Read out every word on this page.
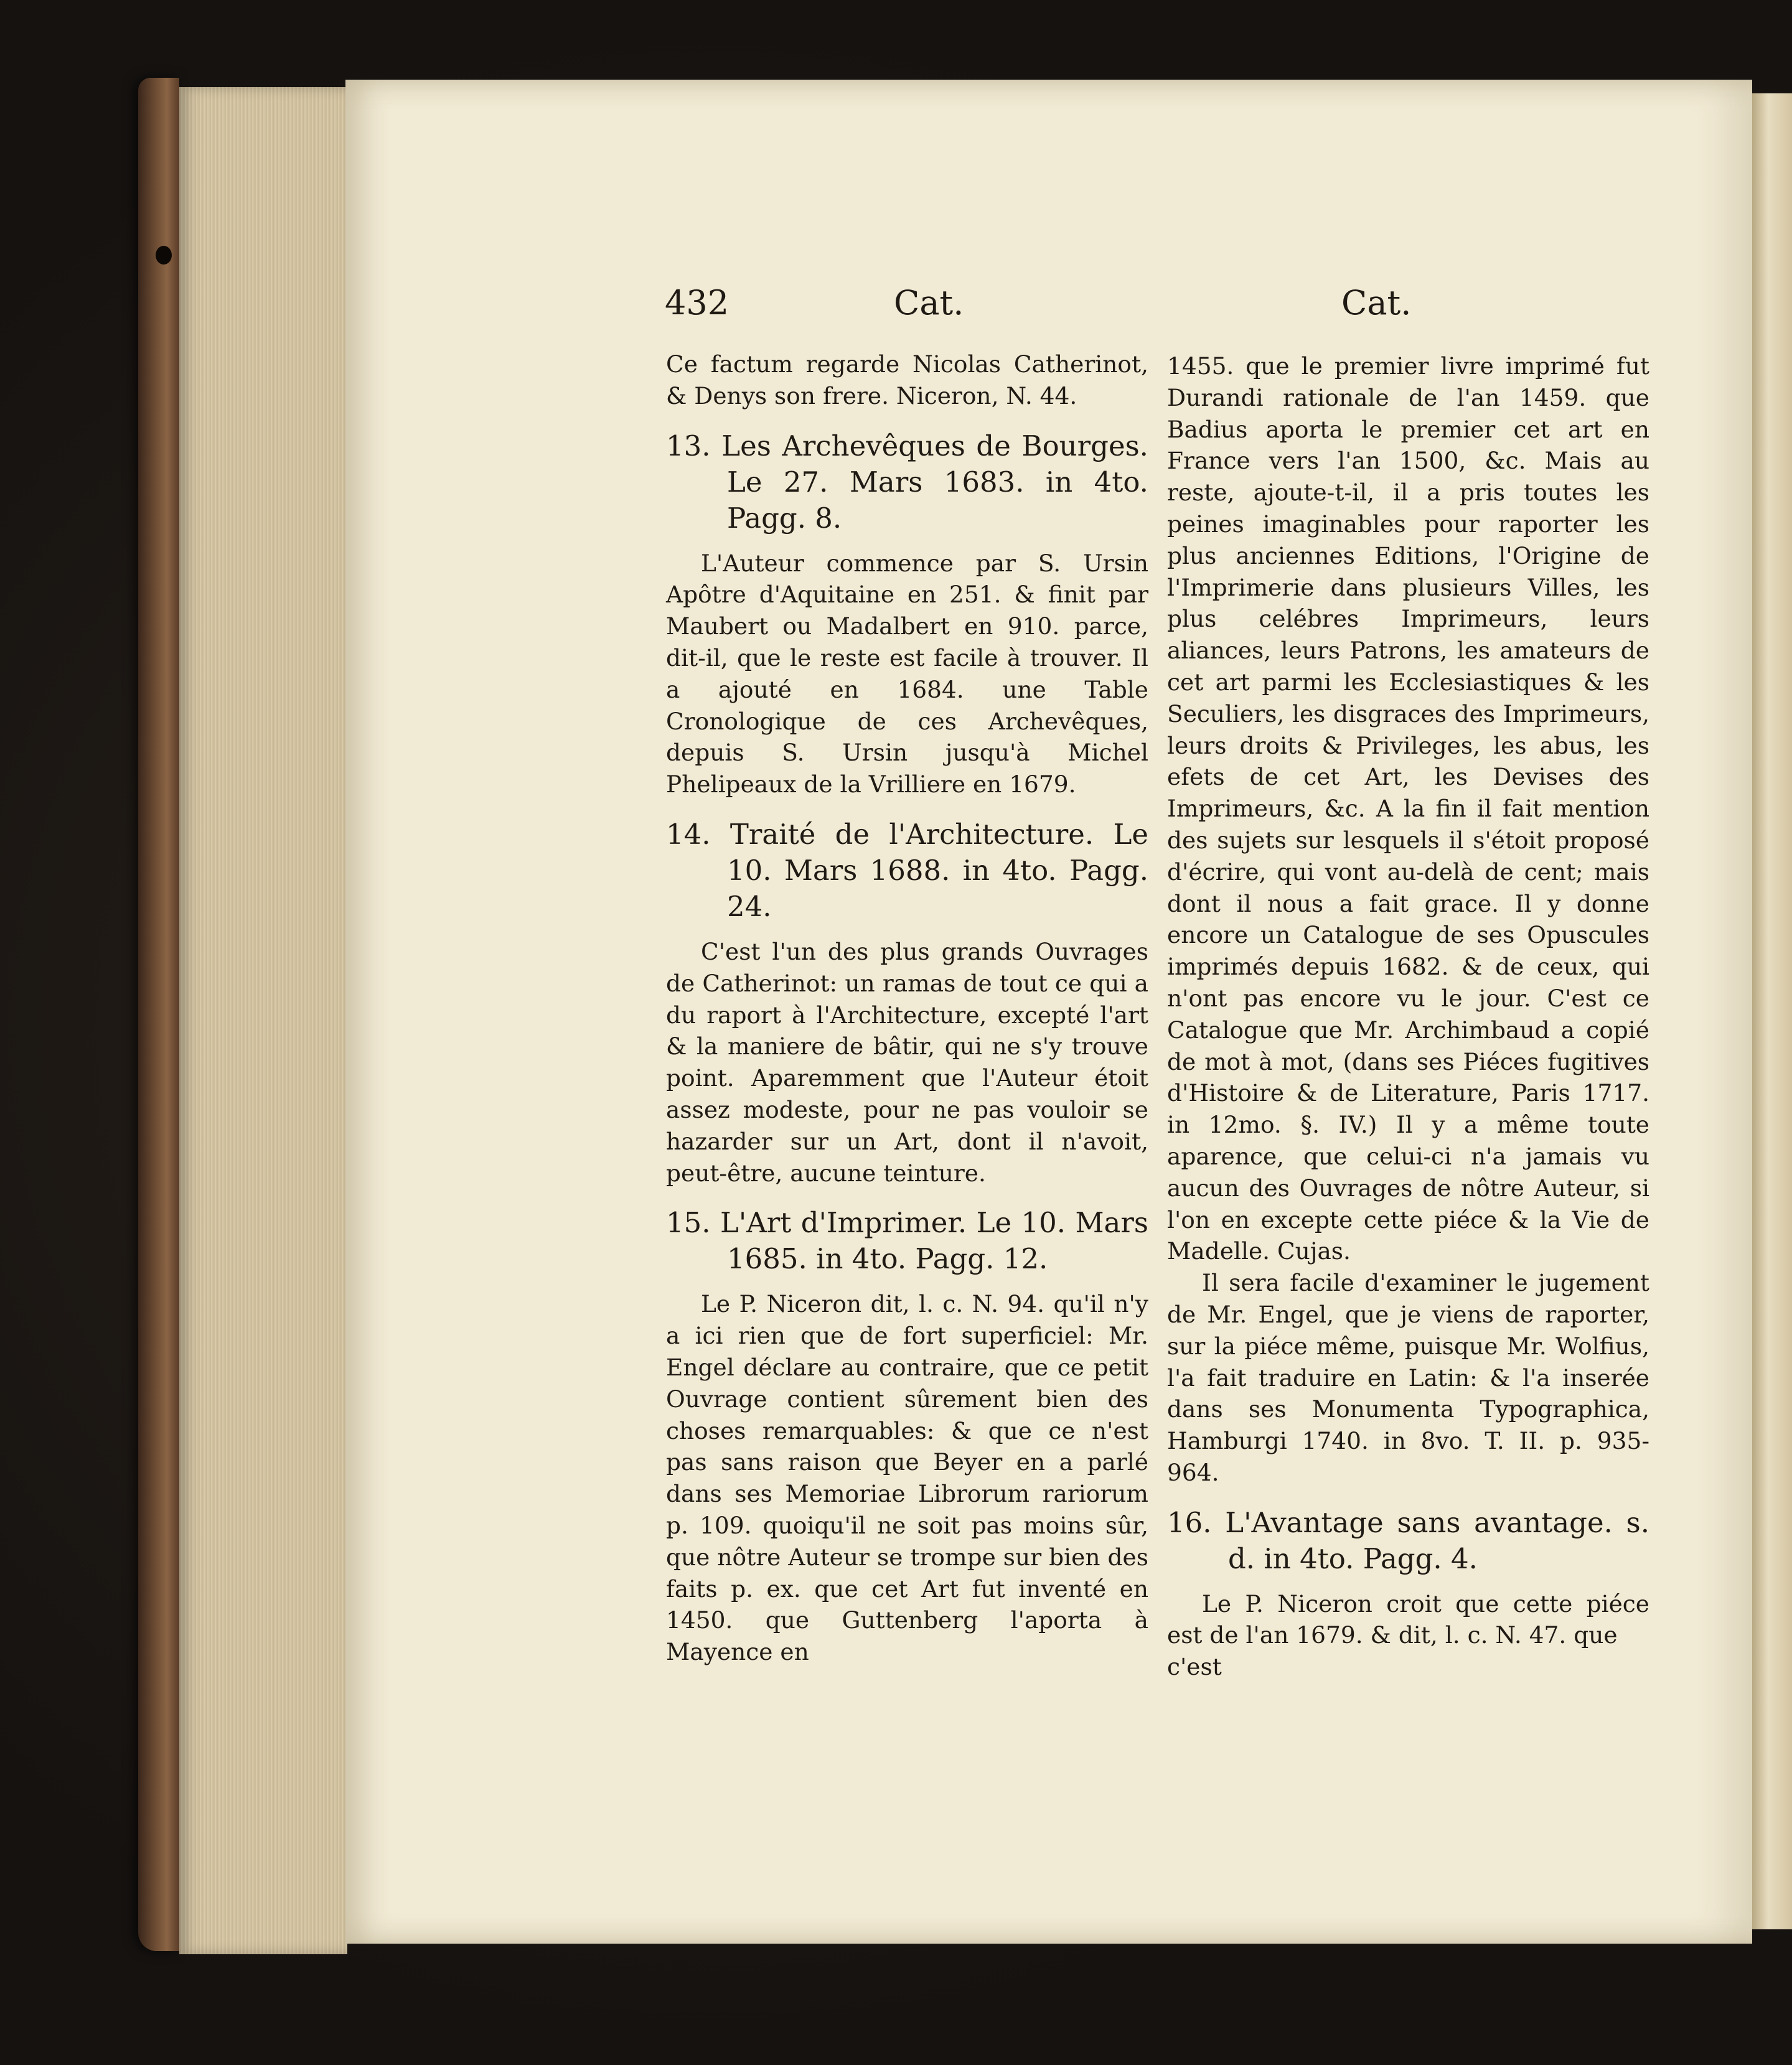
432	Cat.	Cat.

Ce factum regarde Nicolas Catherinot, & Denys son frere. Niceron, N. 44.

13. Les Archevêques de Bourges. Le 27. Mars 1683. in 4to. Pagg. 8.

L'Auteur commence par S. Ursin Apôtre d'Aquitaine en 251. & finit par Maubert ou Madalbert en 910. parce, dit-il, que le reste est facile à trouver. Il a ajouté en 1684. une Table Cronologique de ces Archevêques, depuis S. Ursin jusqu'à Michel Phelipeaux de la Vrilliere en 1679.

14. Traité de l'Architecture. Le 10. Mars 1688. in 4to. Pagg. 24.

C'est l'un des plus grands Ouvrages de Catherinot: un ramas de tout ce qui a du raport à l'Architecture, excepté l'art & la maniere de bâtir, qui ne s'y trouve point. Aparemment que l'Auteur étoit assez modeste, pour ne pas vouloir se hazarder sur un Art, dont il n'avoit, peut-être, aucune teinture.

15. L'Art d'Imprimer. Le 10. Mars 1685. in 4to. Pagg. 12.

Le P. Niceron dit, l. c. N. 94. qu'il n'y a ici rien que de fort superficiel: Mr. Engel déclare au contraire, que ce petit Ouvrage contient sûrement bien des choses remarquables: & que ce n'est pas sans raison que Beyer en a parlé dans ses Memoriae Librorum rariorum p. 109. quoiqu'il ne soit pas moins sûr, que nôtre Auteur se trompe sur bien des faits p. ex. que cet Art fut inventé en 1450. que Guttenberg l'aporta à Mayence en

1455. que le premier livre imprimé fut Durandi rationale de l'an 1459. que Badius aporta le premier cet art en France vers l'an 1500, &c. Mais au reste, ajoute-t-il, il a pris toutes les peines imaginables pour raporter les plus anciennes Editions, l'Origine de l'Imprimerie dans plusieurs Villes, les plus celébres Imprimeurs, leurs aliances, leurs Patrons, les amateurs de cet art parmi les Ecclesiastiques & les Seculiers, les disgraces des Imprimeurs, leurs droits & Privileges, les abus, les efets de cet Art, les Devises des Imprimeurs, &c. A la fin il fait mention des sujets sur lesquels il s'étoit proposé d'écrire, qui vont au-delà de cent; mais dont il nous a fait grace. Il y donne encore un Catalogue de ses Opuscules imprimés depuis 1682. & de ceux, qui n'ont pas encore vu le jour. C'est ce Catalogue que Mr. Archimbaud a copié de mot à mot, (dans ses Piéces fugitives d'Histoire & de Literature, Paris 1717. in 12mo. §. IV.) Il y a même toute aparence, que celui-ci n'a jamais vu aucun des Ouvrages de nôtre Auteur, si l'on en excepte cette piéce & la Vie de Madelle. Cujas.

Il sera facile d'examiner le jugement de Mr. Engel, que je viens de raporter, sur la piéce même, puisque Mr. Wolfius, l'a fait traduire en Latin: & l'a inserée dans ses Monumenta Typographica, Hamburgi 1740. in 8vo. T. II. p. 935-964.

16. L'Avantage sans avantage. s. d. in 4to. Pagg. 4.

Le P. Niceron croit que cette piéce est de l'an 1679. & dit, l. c. N. 47. que

c'est
